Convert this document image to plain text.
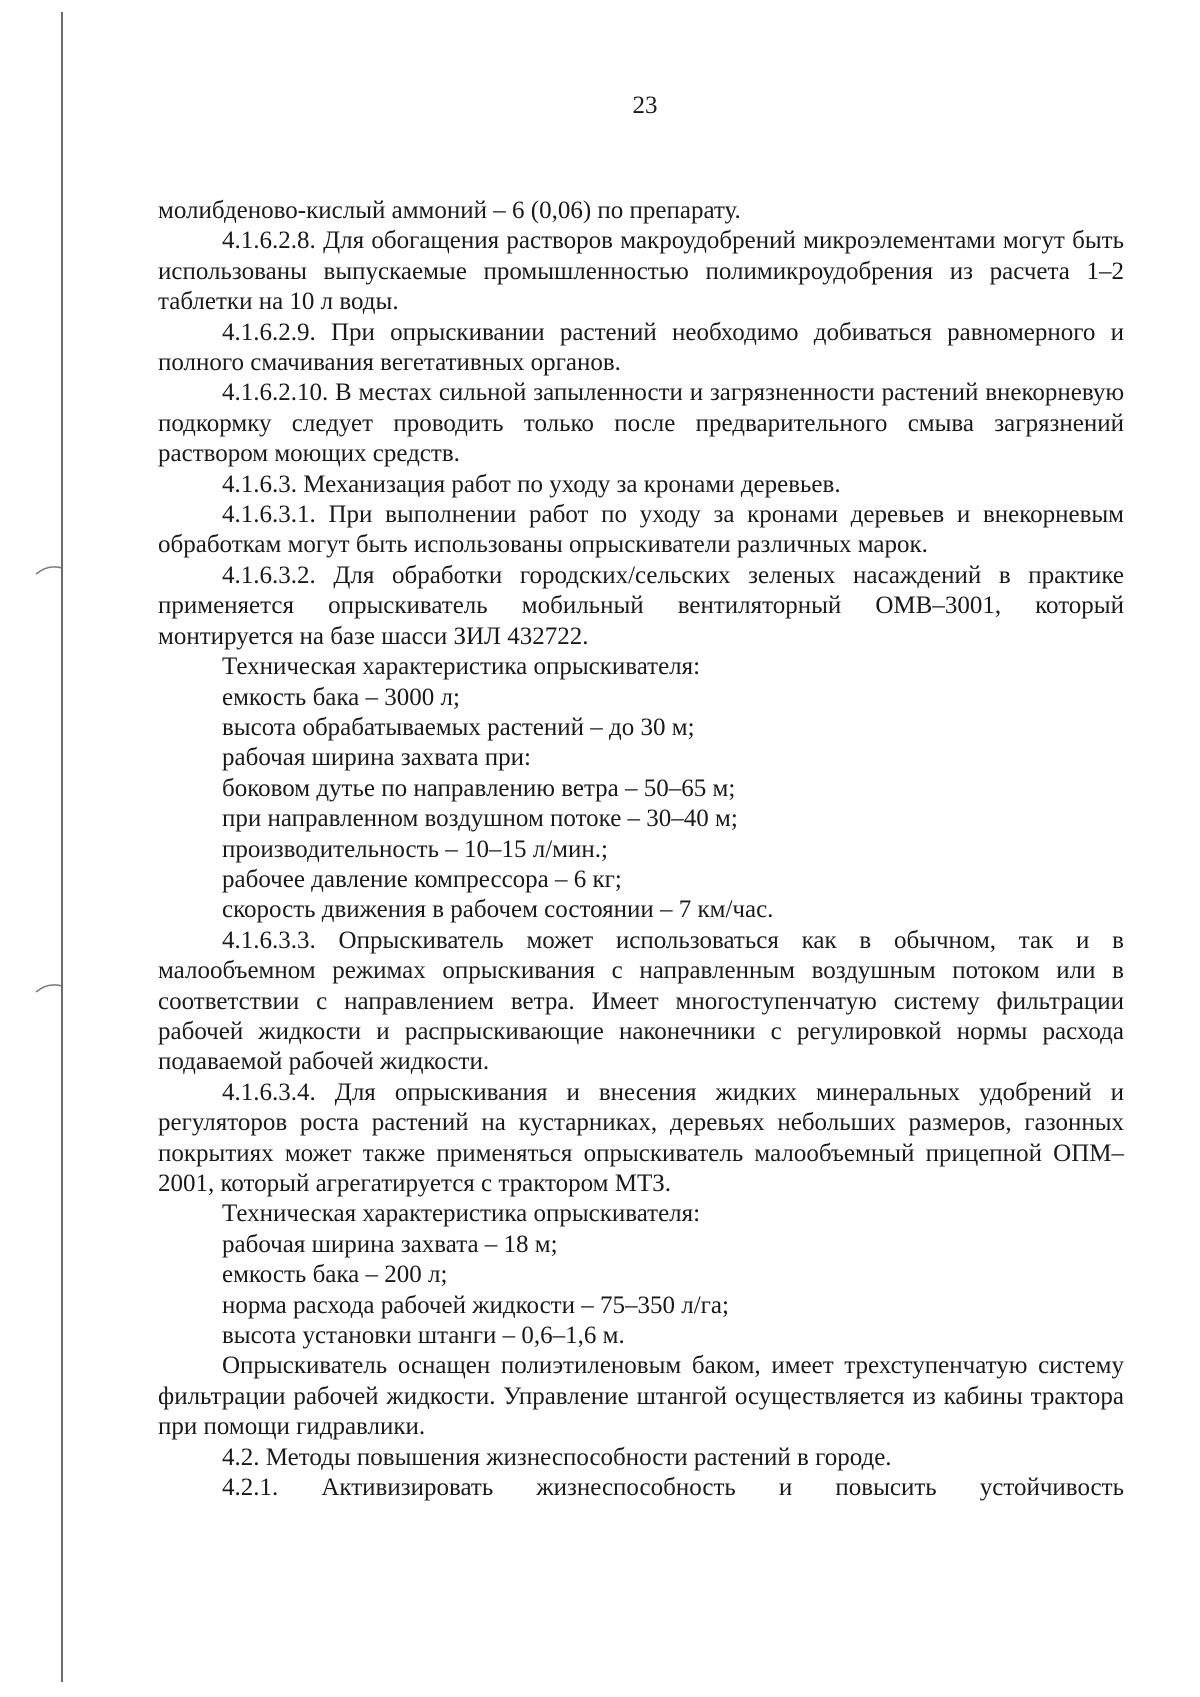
23

молибденово-кислый аммоний – 6 (0,06) по препарату.

4.1.6.2.8. Для обогащения растворов макроудобрений микроэлементами могут быть использованы выпускаемые промышленностью полимикроудобрения из расчета 1–2 таблетки на 10 л воды.

4.1.6.2.9. При опрыскивании растений необходимо добиваться равномерного и полного смачивания вегетативных органов.

4.1.6.2.10. В местах сильной запыленности и загрязненности растений внекорневую подкормку следует проводить только после предварительного смыва загрязнений раствором моющих средств.

4.1.6.3. Механизация работ по уходу за кронами деревьев.

4.1.6.3.1. При выполнении работ по уходу за кронами деревьев и внекорневым обработкам могут быть использованы опрыскиватели различных марок.

4.1.6.3.2. Для обработки городских/сельских зеленых насаждений в практике применяется опрыскиватель мобильный вентиляторный ОМВ–3001, который монтируется на базе шасси ЗИЛ 432722.

Техническая характеристика опрыскивателя:

емкость бака – 3000 л;

высота обрабатываемых растений – до 30 м;

рабочая ширина захвата при:

боковом дутье по направлению ветра – 50–65 м;

при направленном воздушном потоке – 30–40 м;

производительность – 10–15 л/мин.;

рабочее давление компрессора – 6 кг;

скорость движения в рабочем состоянии – 7 км/час.

4.1.6.3.3. Опрыскиватель может использоваться как в обычном, так и в малообъемном режимах опрыскивания с направленным воздушным потоком или в соответствии с направлением ветра. Имеет многоступенчатую систему фильтрации рабочей жидкости и распрыскивающие наконечники с регулировкой нормы расхода подаваемой рабочей жидкости.

4.1.6.3.4. Для опрыскивания и внесения жидких минеральных удобрений и регуляторов роста растений на кустарниках, деревьях небольших размеров, газонных покрытиях может также применяться опрыскиватель малообъемный прицепной ОПМ–2001, который агрегатируется с трактором МТЗ.

Техническая характеристика опрыскивателя:

рабочая ширина захвата – 18 м;

емкость бака – 200 л;

норма расхода рабочей жидкости – 75–350 л/га;

высота установки штанги – 0,6–1,6 м.

Опрыскиватель оснащен полиэтиленовым баком, имеет трехступенчатую систему фильтрации рабочей жидкости. Управление штангой осуществляется из кабины трактора при помощи гидравлики.

4.2. Методы повышения жизнеспособности растений в городе.

4.2.1. Активизировать жизнеспособность и повысить устойчивость
